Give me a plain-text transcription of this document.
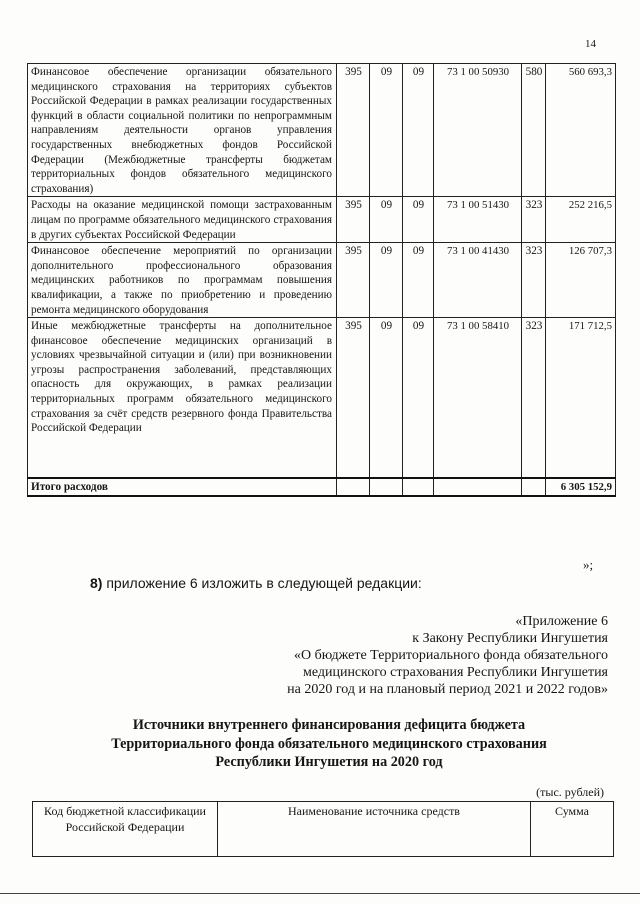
14
Финансовое обеспечение организации обязательного медицинского страхования на территориях субъектов Российской Федерации в рамках реализации государственных функций в области социальной политики по непрограммным направлениям деятельности органов управления государственных внебюджетных фондов Российской Федерации (Межбюджетные трансферты бюджетам территориальных фондов обязательного медицинского страхования)	395	09	09	73 1 00 50930	580	560 693,3
Расходы на оказание медицинской помощи застрахованным лицам по программе обязательного медицинского страхования в других субъектах Российской Федерации	395	09	09	73 1 00 51430	323	252 216,5
Финансовое обеспечение мероприятий по организации дополнительного профессионального образования медицинских работников по программам повышения квалификации, а также по приобретению и проведению ремонта медицинского оборудования	395	09	09	73 1 00 41430	323	126 707,3
Иные межбюджетные трансферты на дополнительное финансовое обеспечение медицинских организаций в условиях чрезвычайной ситуации и (или) при возникновении угрозы распространения заболеваний, представляющих опасность для окружающих, в рамках реализации территориальных программ обязательного медицинского страхования за счёт средств резервного фонда Правительства Российской Федерации	395	09	09	73 1 00 58410	323	171 712,5
Итого расходов						6 305 152,9
»;
8) приложение 6 изложить в следующей редакции:
«Приложение 6
к Закону Республики Ингушетия
«О бюджете Территориального фонда обязательного
медицинского страхования Республики Ингушетия
на 2020 год и на плановый период 2021 и 2022 годов»
Источники внутреннего финансирования дефицита бюджета
Территориального фонда обязательного медицинского страхования
Республики Ингушетия на 2020 год
(тыс. рублей)
Код бюджетной классификации Российской Федерации	Наименование источника средств	Сумма
